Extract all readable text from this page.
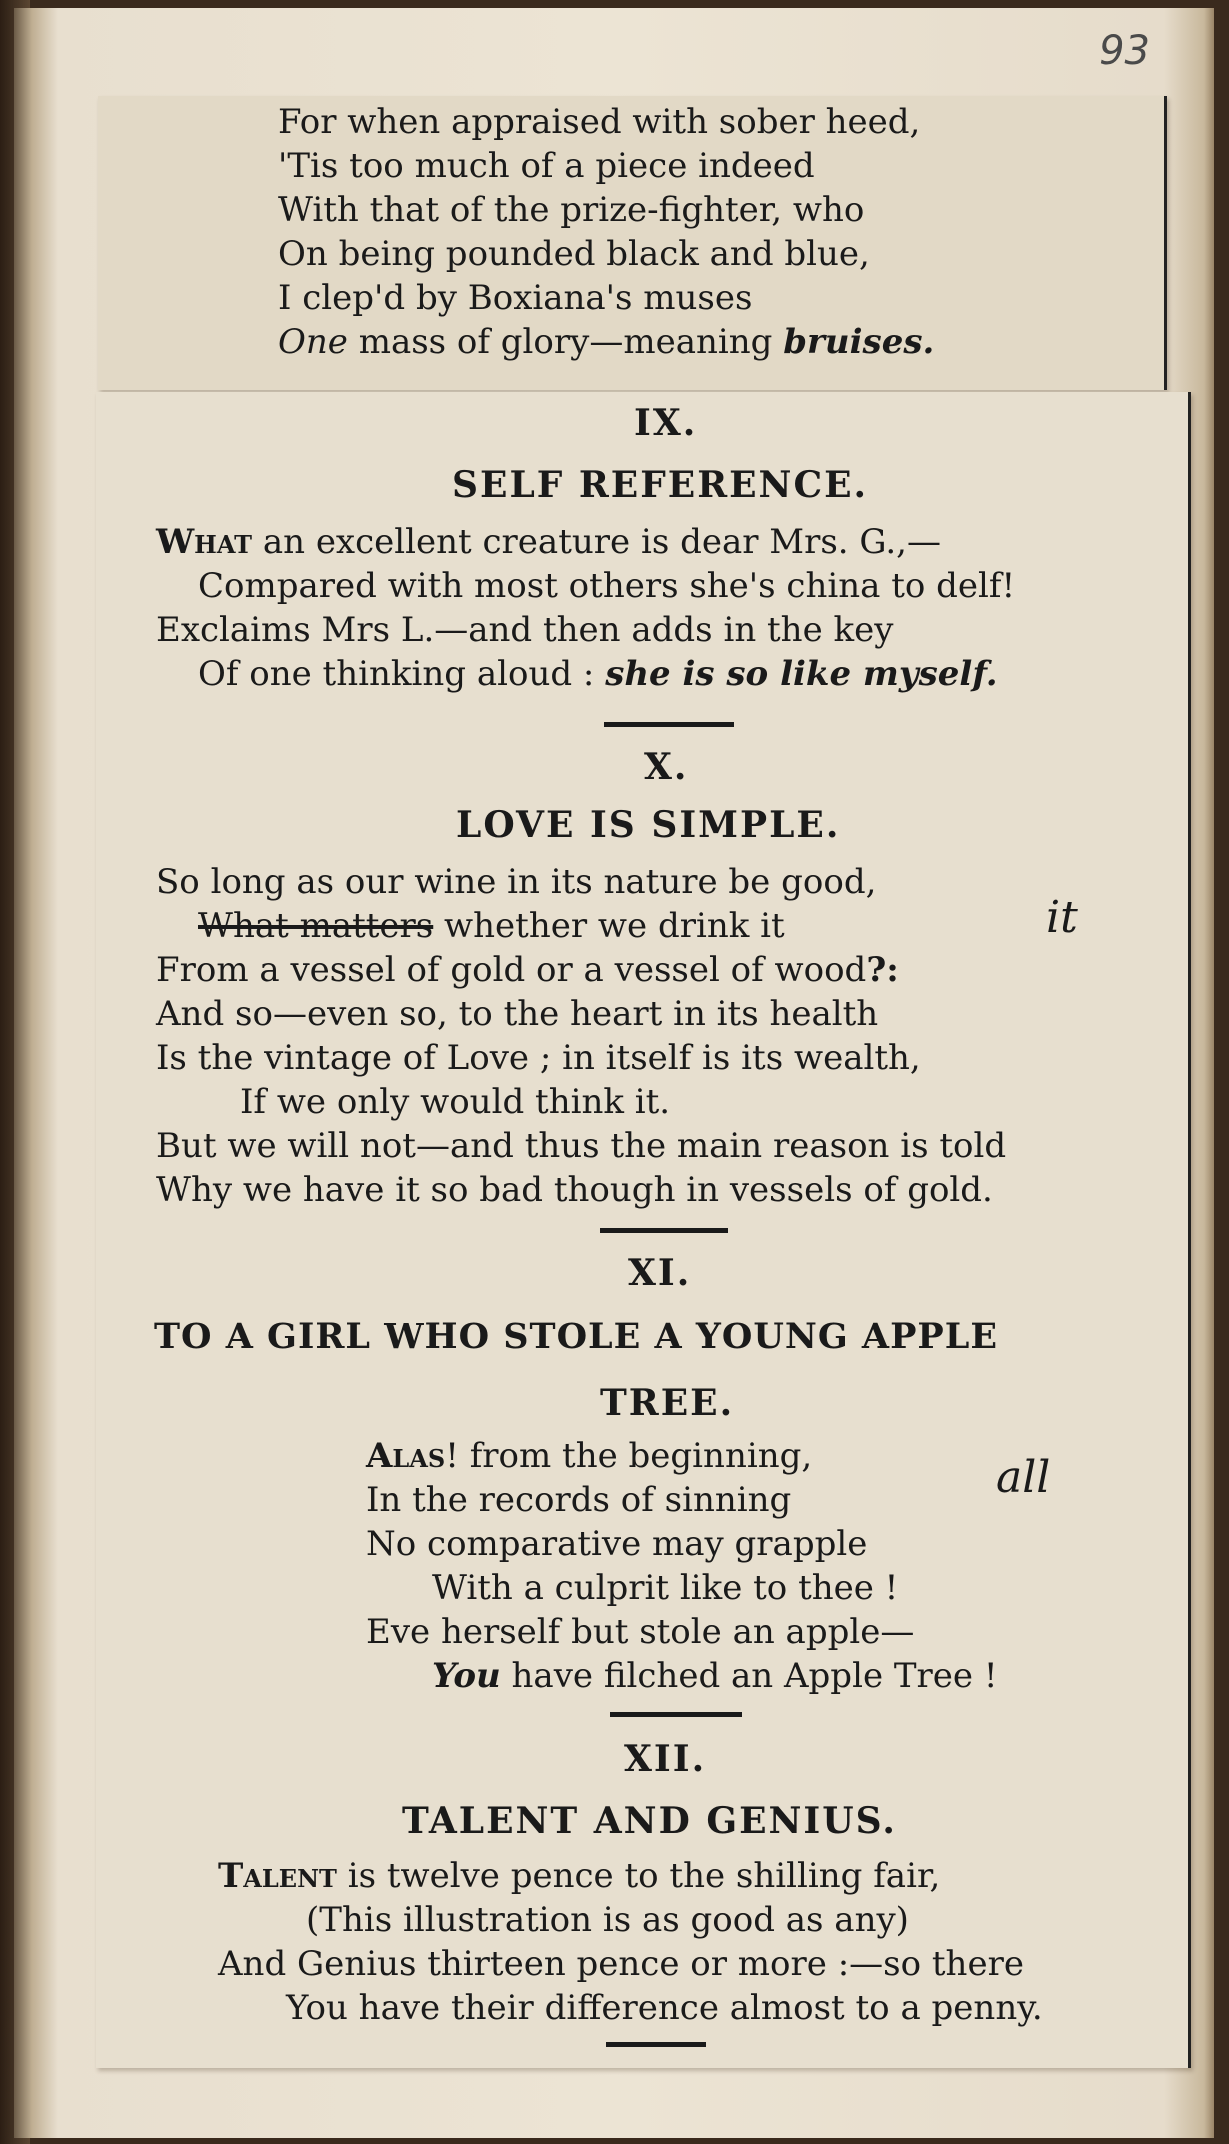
93
For when appraised with sober heed,
'Tis too much of a piece indeed
With that of the prize-fighter, who
On being pounded black and blue,
I clep'd by Boxiana's muses
One mass of glory—meaning bruises.
IX.
SELF REFERENCE.
What an excellent creature is dear Mrs. G.,—
Compared with most others she's china to delf!
Exclaims Mrs L.—and then adds in the key
Of one thinking aloud : she is so like myself.
X.
LOVE IS SIMPLE.
So long as our wine in its nature be good,
What matters whether we drink it	it
From a vessel of gold or a vessel of wood?:
And so—even so, to the heart in its health
Is the vintage of Love ; in itself is its wealth,
If we only would think it.
But we will not—and thus the main reason is told
Why we have it so bad though in vessels of gold.
XI.
TO A GIRL WHO STOLE A YOUNG APPLE
TREE.
Alas! from the beginning,
In the records of sinning	all
No comparative may grapple
With a culprit like to thee !
Eve herself but stole an apple—
You have filched an Apple Tree !
XII.
TALENT AND GENIUS.
Talent is twelve pence to the shilling fair,
(This illustration is as good as any)
And Genius thirteen pence or more :—so there
You have their difference almost to a penny.
